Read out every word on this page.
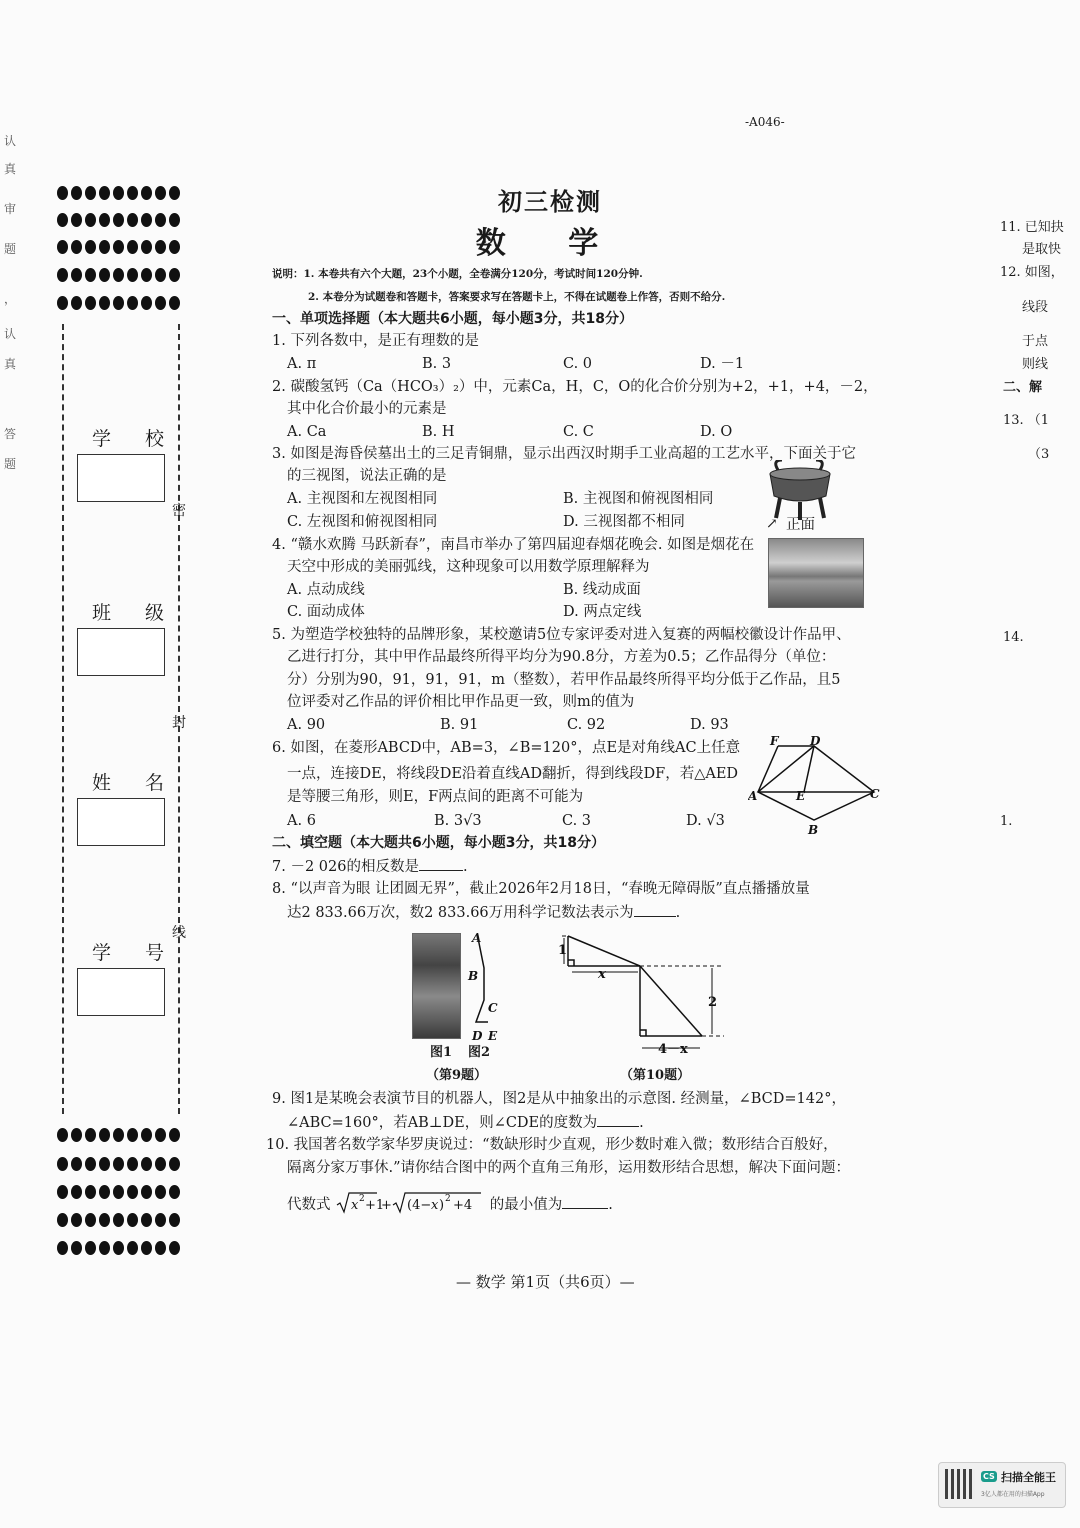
-A046-
初三检测
数 学
说明：1. 本卷共有六个大题，23个小题，全卷满分120分，考试时间120分钟.
2. 本卷分为试题卷和答题卡，答案要求写在答题卡上，不得在试题卷上作答，否则不给分.
认
真
审
题
，
认
真
答
题
密
封
线
学 校
班 级
姓 名
学 号
一、单项选择题（本大题共6小题，每小题3分，共18分）
1. 下列各数中，是正有理数的是
A. π	B. 3	C. 0	D. －1
2. 碳酸氢钙（Ca（HCO₃）₂）中，元素Ca，H，C，O的化合价分别为+2，+1，+4，－2，
其中化合价最小的元素是
A. Ca	B. H	C. C	D. O
3. 如图是海昏侯墓出土的三足青铜鼎，显示出西汉时期手工业高超的工艺水平，下面关于它
的三视图，说法正确的是
A. 主视图和左视图相同	B. 主视图和俯视图相同
C. 左视图和俯视图相同	D. 三视图都不相同	↗ 正面
4. “赣水欢腾 马跃新春”，南昌市举办了第四届迎春烟花晚会. 如图是烟花在
天空中形成的美丽弧线，这种现象可以用数学原理解释为
A. 点动成线	B. 线动成面
C. 面动成体	D. 两点定线
5. 为塑造学校独特的品牌形象，某校邀请5位专家评委对进入复赛的两幅校徽设计作品甲、
乙进行打分，其中甲作品最终所得平均分为90.8分，方差为0.5；乙作品得分（单位：
分）分别为90，91，91，91，m（整数），若甲作品最终所得平均分低于乙作品，且5
位评委对乙作品的评价相比甲作品更一致，则m的值为
A. 90	B. 91	C. 92	D. 93
6. 如图，在菱形ABCD中，AB=3，∠B=120°，点E是对角线AC上任意
一点，连接DE，将线段DE沿着直线AD翻折，得到线段DF，若△AED
是等腰三角形，则E，F两点间的距离不可能为
A. 6	B. 3√3	C. 3	D. √3
F	D
A	E	C
B
二、填空题（本大题共6小题，每小题3分，共18分）
7. －2 026的相反数是	.
8. “以声音为眼 让团圆无界”，截止2026年2月18日，“春晚无障碍版”直点播播放量
达2 833.66万次，数2 833.66万用科学记数法表示为	.
A
B
C
D E
图1 图2
（第9题）
1
x
2
4－x
（第10题）
9. 图1是某晚会表演节目的机器人，图2是从中抽象出的示意图. 经测量，∠BCD=142°，
∠ABC=160°，若AB⊥DE，则∠CDE的度数为	.
10. 我国著名数学家华罗庚说过：“数缺形时少直观，形少数时难入微；数形结合百般好，
隔离分家万事休.”请你结合图中的两个直角三角形，运用数形结合思想，解决下面问题：
代数式 x 2 +1
+ (4− x ) 2 +4 的最小值为	.
— 数学 第1页（共6页）—
11. 已知抉
是取快
12. 如图，
线段
于点
则线
二、解
13. （1
（3
14.
1.
CS 扫描全能王
3亿人都在用的扫描App
